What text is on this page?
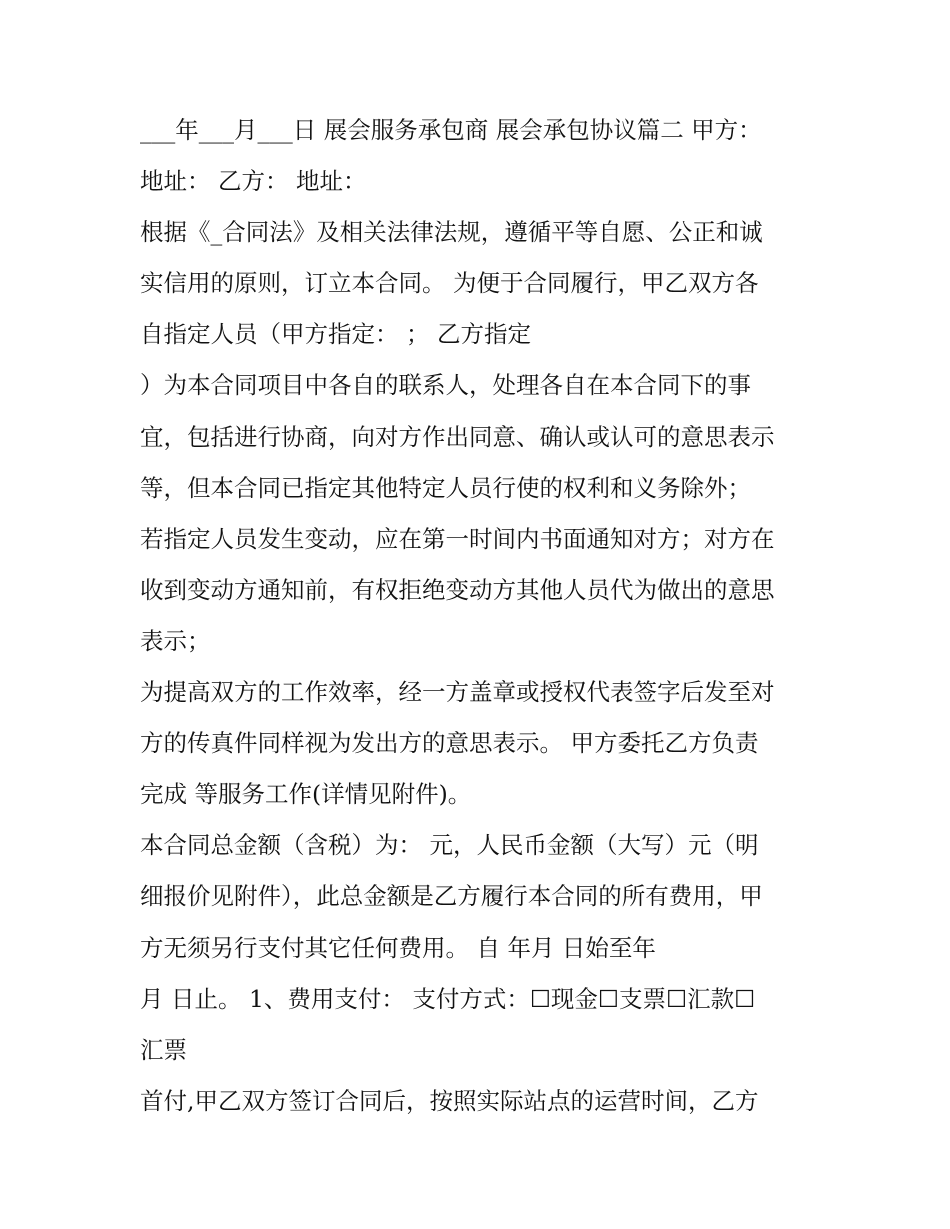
___年___月___日 展会服务承包商 展会承包协议篇二 甲方：
地址： 乙方： 地址：
根据《_合同法》及相关法律法规，遵循平等自愿、公正和诚
实信用的原则，订立本合同。 为便于合同履行，甲乙双方各
自指定人员（甲方指定： ； 乙方指定
）为本合同项目中各自的联系人，处理各自在本合同下的事
宜，包括进行协商，向对方作出同意、确认或认可的意思表示
等，但本合同已指定其他特定人员行使的权利和义务除外；
若指定人员发生变动，应在第一时间内书面通知对方；对方在
收到变动方通知前，有权拒绝变动方其他人员代为做出的意思
表示；
为提高双方的工作效率，经一方盖章或授权代表签字后发至对
方的传真件同样视为发出方的意思表示。 甲方委托乙方负责
完成 等服务工作(详情见附件)。
本合同总金额（含税）为： 元，人民币金额（大写）元（明
细报价见附件），此总金额是乙方履行本合同的所有费用，甲
方无须另行支付其它任何费用。 自 年月 日始至年
月 日止。 1、费用支付： 支付方式：☐现金☐支票☐汇款☐
汇票
首付,甲乙双方签订合同后，按照实际站点的运营时间，乙方
